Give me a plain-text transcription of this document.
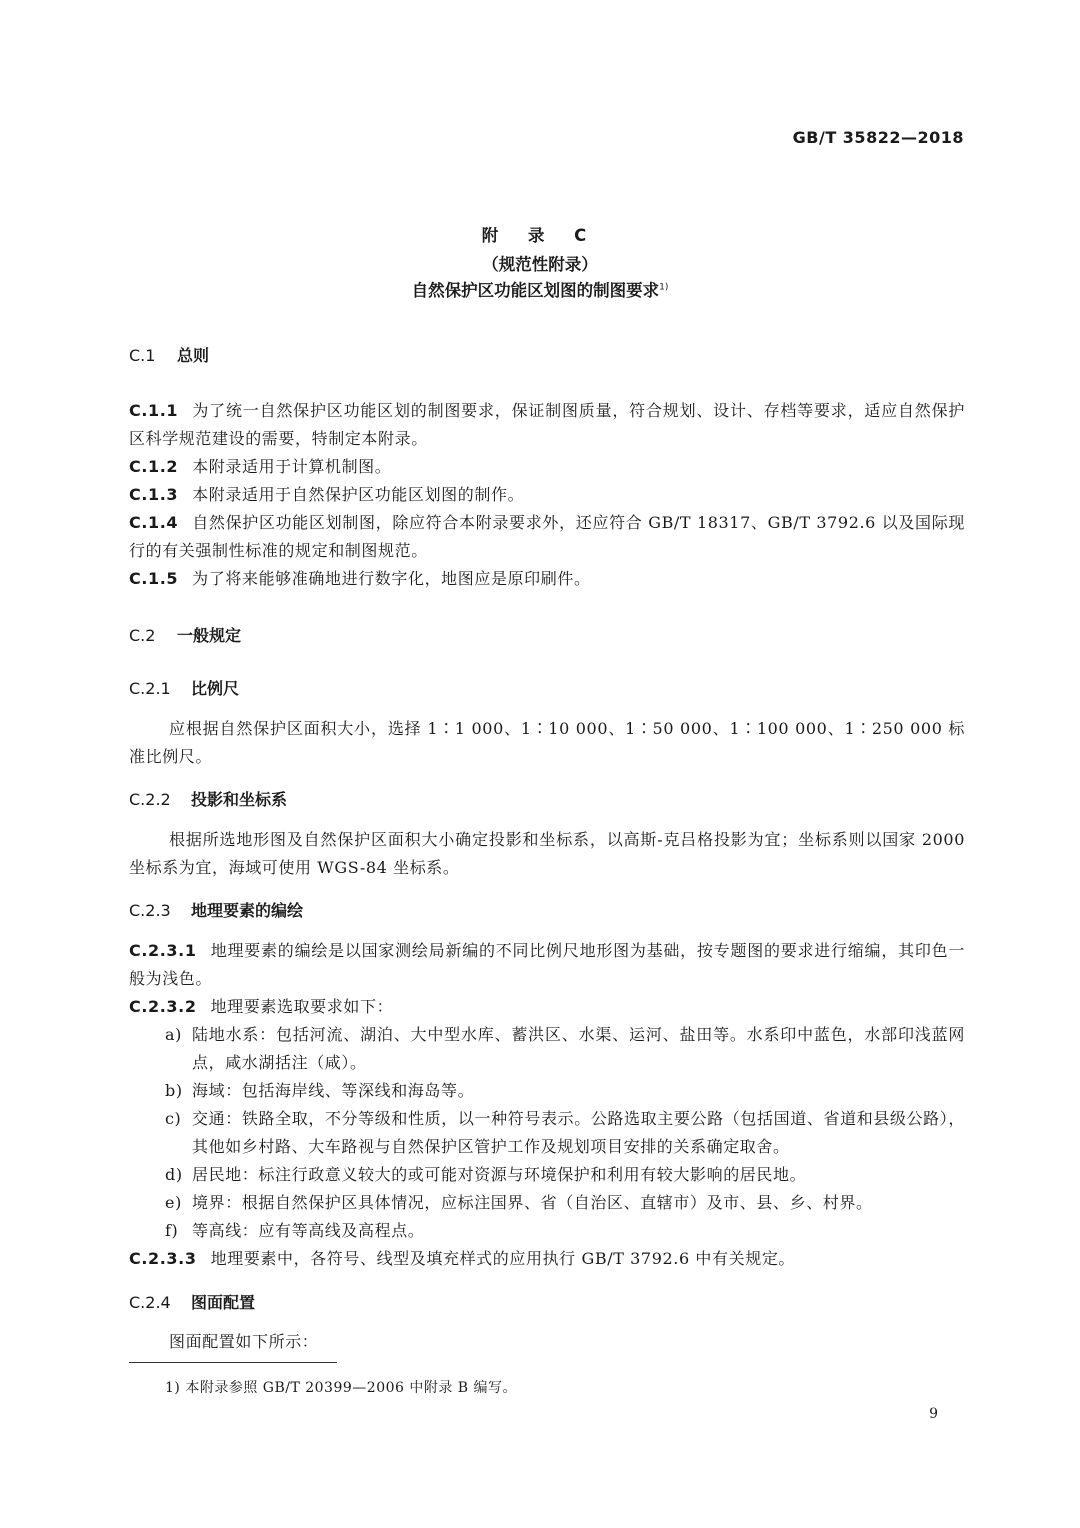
GB/T 35822—2018
附 录 C
（规范性附录）
自然保护区功能区划图的制图要求$^{1)}$
C.1 总则
C.1.1 为了统一自然保护区功能区划的制图要求，保证制图质量，符合规划、设计、存档等要求，适应自然保护区科学规范建设的需要，特制定本附录。
C.1.2 本附录适用于计算机制图。
C.1.3 本附录适用于自然保护区功能区划图的制作。
C.1.4 自然保护区功能区划制图，除应符合本附录要求外，还应符合 GB/T 18317、GB/T 3792.6 以及国际现行的有关强制性标准的规定和制图规范。
C.1.5 为了将来能够准确地进行数字化，地图应是原印刷件。
C.2 一般规定
C.2.1 比例尺
应根据自然保护区面积大小，选择 1∶1 000、1∶10 000、1∶50 000、1∶100 000、1∶250 000 标准比例尺。
C.2.2 投影和坐标系
根据所选地形图及自然保护区面积大小确定投影和坐标系，以高斯-克吕格投影为宜；坐标系则以国家 2000 坐标系为宜，海域可使用 WGS-84 坐标系。
C.2.3 地理要素的编绘
C.2.3.1 地理要素的编绘是以国家测绘局新编的不同比例尺地形图为基础，按专题图的要求进行缩编，其印色一般为浅色。
C.2.3.2 地理要素选取要求如下：
a) 陆地水系：包括河流、湖泊、大中型水库、蓄洪区、水渠、运河、盐田等。水系印中蓝色，水部印浅蓝网点，咸水湖括注（咸）。
b) 海域：包括海岸线、等深线和海岛等。
c) 交通：铁路全取，不分等级和性质，以一种符号表示。公路选取主要公路（包括国道、省道和县级公路），其他如乡村路、大车路视与自然保护区管护工作及规划项目安排的关系确定取舍。
d) 居民地：标注行政意义较大的或可能对资源与环境保护和利用有较大影响的居民地。
e) 境界：根据自然保护区具体情况，应标注国界、省（自治区、直辖市）及市、县、乡、村界。
f) 等高线：应有等高线及高程点。
C.2.3.3 地理要素中，各符号、线型及填充样式的应用执行 GB/T 3792.6 中有关规定。
C.2.4 图面配置
图面配置如下所示：
1) 本附录参照 GB/T 20399—2006 中附录 B 编写。
9
